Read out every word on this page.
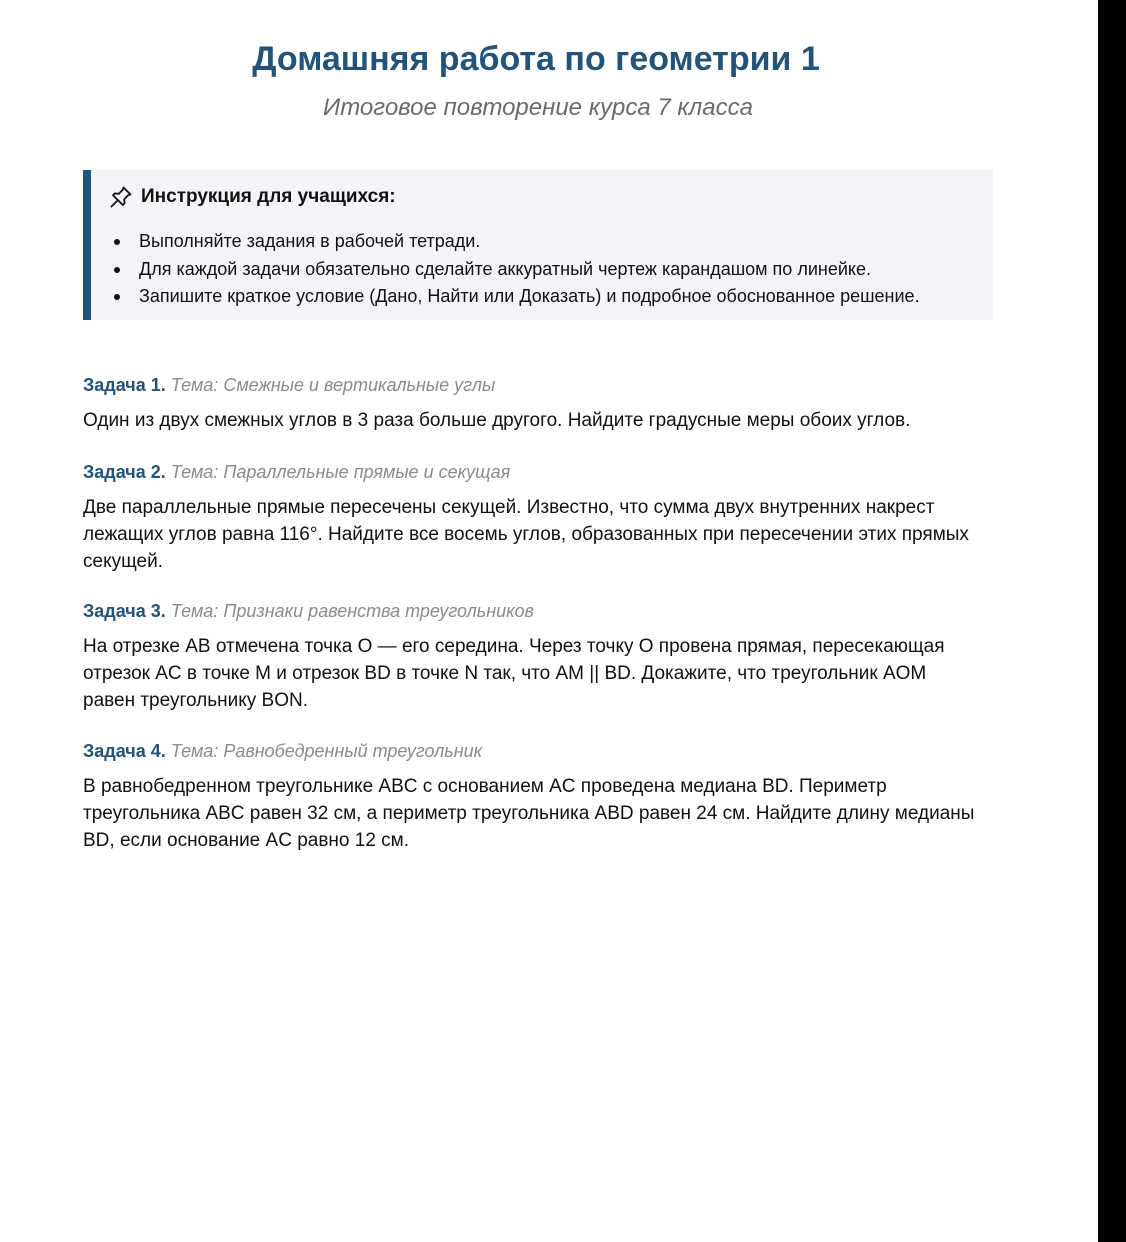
Домашняя работа по геометрии 1

Итоговое повторение курса 7 класса

Инструкция для учащихся:
Выполняйте задания в рабочей тетради.
Для каждой задачи обязательно сделайте аккуратный чертеж карандашом по линейке.
Запишите краткое условие (Дано, Найти или Доказать) и подробное обоснованное решение.

Задача 1. Тема: Смежные и вертикальные углы

Один из двух смежных углов в 3 раза больше другого. Найдите градусные меры обоих углов.

Задача 2. Тема: Параллельные прямые и секущая

Две параллельные прямые пересечены секущей. Известно, что сумма двух внутренних накрест лежащих углов равна 116°. Найдите все восемь углов, образованных при пересечении этих прямых секущей.

Задача 3. Тема: Признаки равенства треугольников

На отрезке AB отмечена точка O — его середина. Через точку O провена прямая, пересекающая отрезок AC в точке M и отрезок BD в точке N так, что AM || BD. Докажите, что треугольник AOM равен треугольнику BON.

Задача 4. Тема: Равнобедренный треугольник

В равнобедренном треугольнике ABC с основанием AC проведена медиана BD. Периметр треугольника ABC равен 32 см, а периметр треугольника ABD равен 24 см. Найдите длину медианы BD, если основание AC равно 12 см.
